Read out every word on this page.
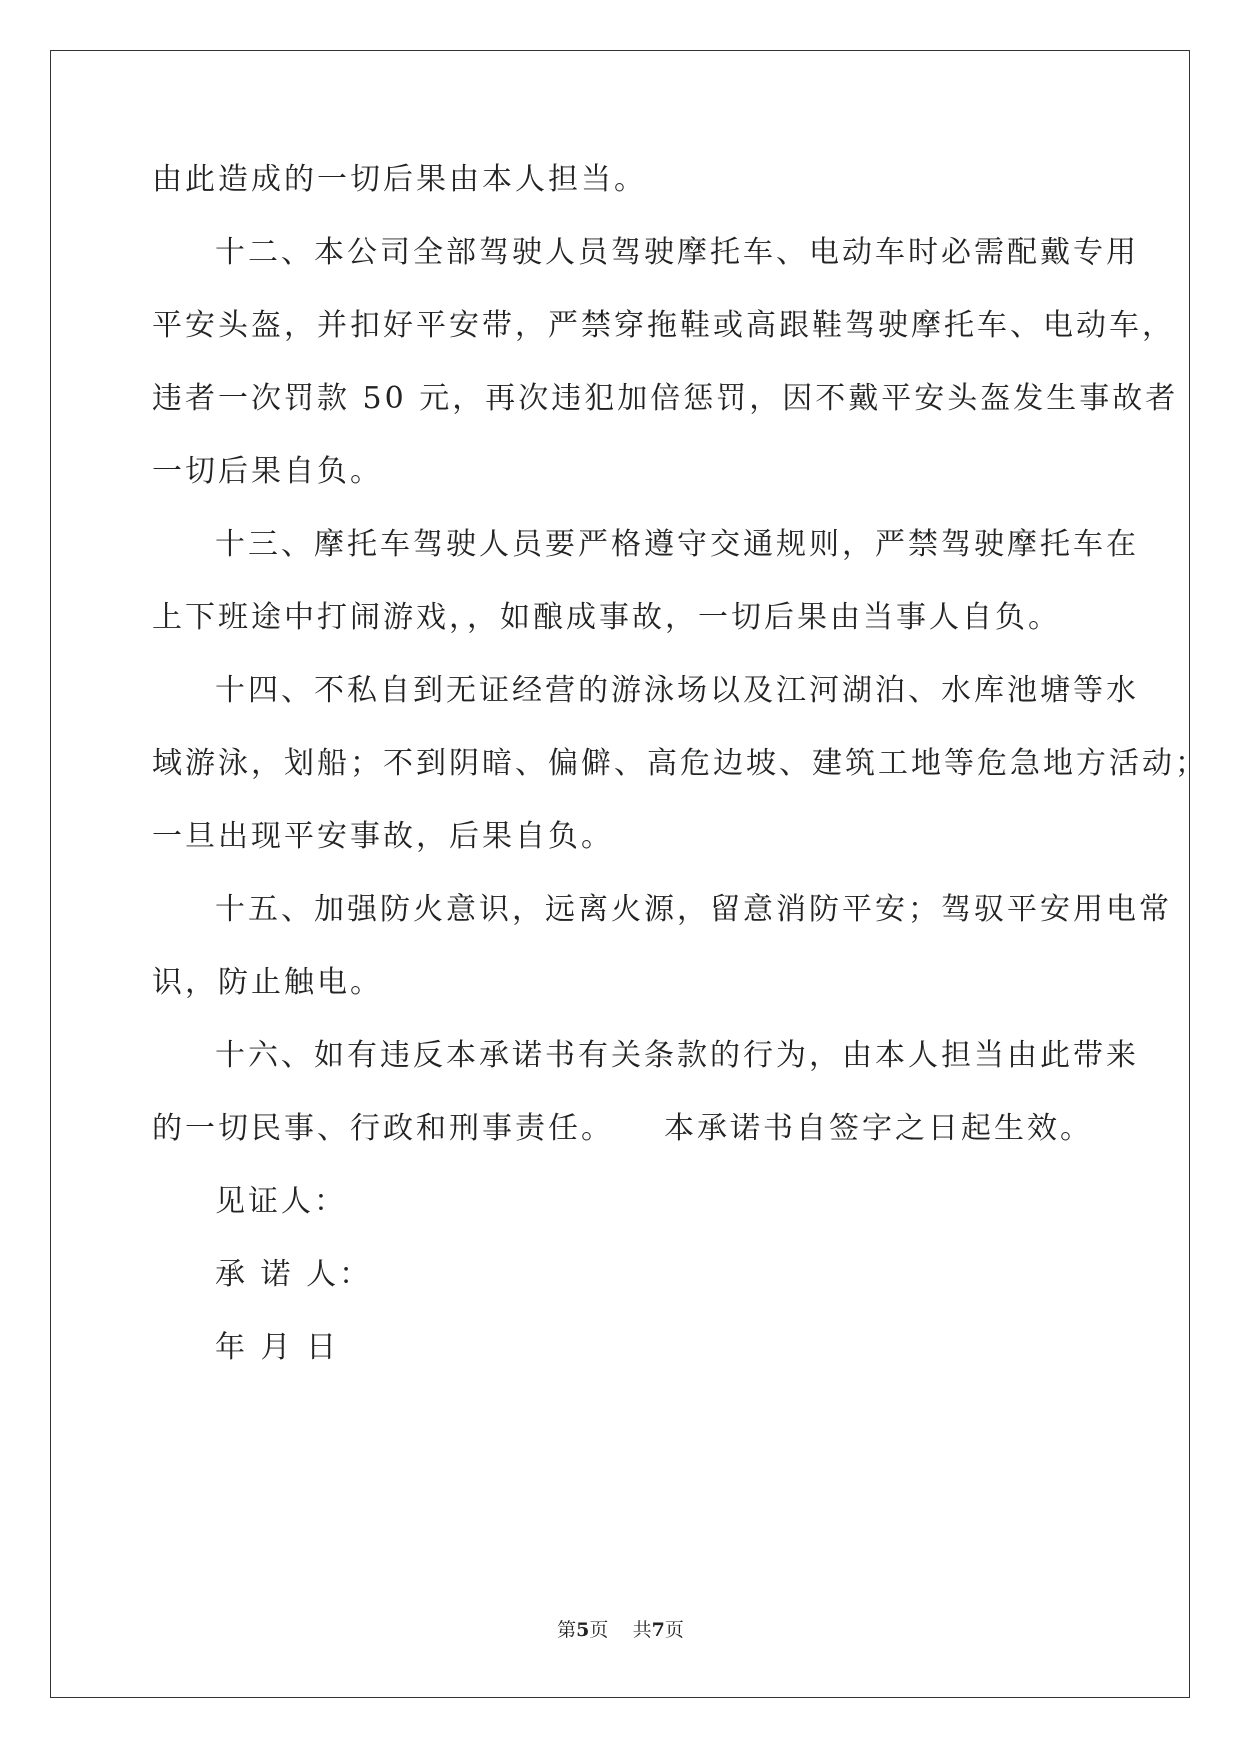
由此造成的一切后果由本人担当。
十二、本公司全部驾驶人员驾驶摩托车、电动车时必需配戴专用
平安头盔，并扣好平安带，严禁穿拖鞋或高跟鞋驾驶摩托车、电动车，
违者一次罚款 50 元，再次违犯加倍惩罚，因不戴平安头盔发生事故者
一切后果自负。
十三、摩托车驾驶人员要严格遵守交通规则，严禁驾驶摩托车在
上下班途中打闹游戏，，如酿成事故，一切后果由当事人自负。
十四、不私自到无证经营的游泳场以及江河湖泊、水库池塘等水
域游泳，划船；不到阴暗、偏僻、高危边坡、建筑工地等危急地方活动；
一旦出现平安事故，后果自负。
十五、加强防火意识，远离火源，留意消防平安；驾驭平安用电常
识，防止触电。
十六、如有违反本承诺书有关条款的行为，由本人担当由此带来
的一切民事、行政和刑事责任。 本承诺书自签字之日起生效。
见证人：
承 诺 人：
年 月 日
第5页 共7页
